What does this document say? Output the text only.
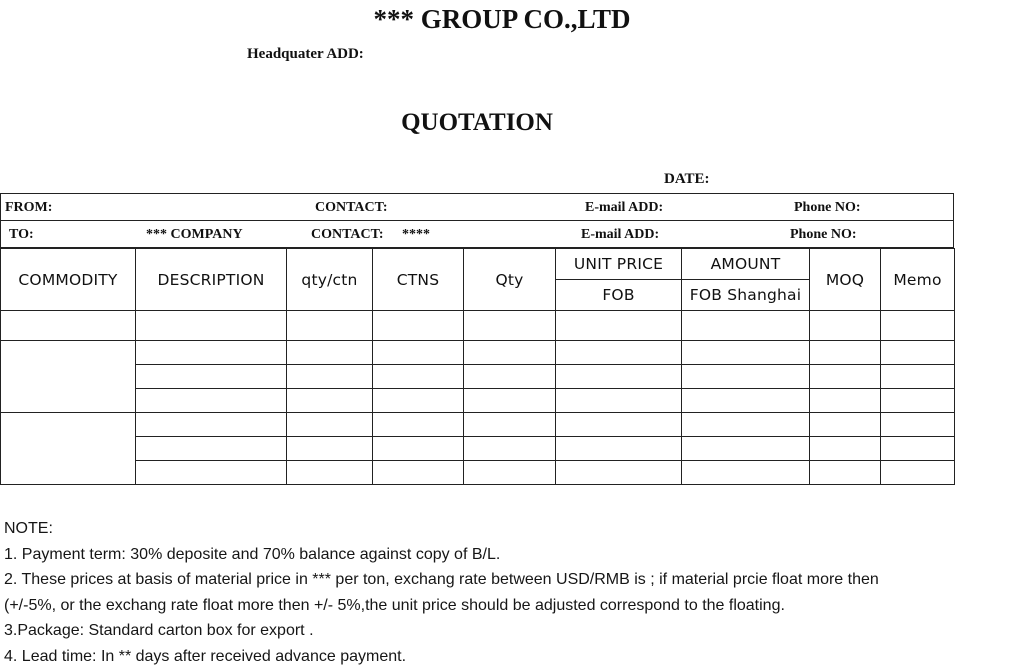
*** GROUP CO.,LTD
Headquater ADD:
QUOTATION
DATE:
FROM:	CONTACT:	E-mail ADD:	Phone NO:
TO:	*** COMPANY	CONTACT: ****	E-mail ADD:	Phone NO:
COMMODITY	DESCRIPTION	qty/ctn	CTNS	Qty	UNIT PRICE	AMOUNT	MOQ	Memo
					FOB	FOB Shanghai		

NOTE:
1. Payment term: 30% deposite and 70% balance against copy of B/L.
2. These prices at basis of material price in *** per ton, exchang rate between USD/RMB is ; if material prcie float more then
(+/-5%, or the exchang rate float more then +/- 5%,the unit price should be adjusted correspond to the floating.
3.Package: Standard carton box for export .
4. Lead time: In ** days after received advance payment.
